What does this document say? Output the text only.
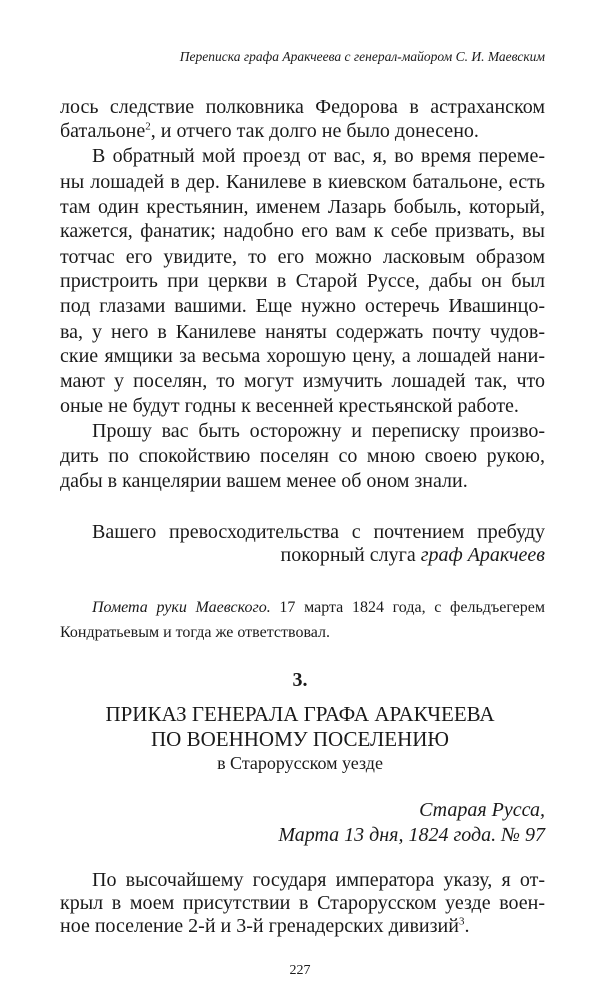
Переписка графа Аракчеева с генерал-майором С. И. Маевским
лось следствие полковника Федорова в астраханском
батальоне$^2$, и отчего так долго не было донесено.
В обратный мой проезд от вас, я, во время переме-
ны лошадей в дер. Канилеве в киевском батальоне, есть
там один крестьянин, именем Лазарь бобыль, который,
кажется, фанатик; надобно его вам к себе призвать, вы
тотчас его увидите, то его можно ласковым образом
пристроить при церкви в Старой Руссе, дабы он был
под глазами вашими. Еще нужно остеречь Ивашинцо-
ва, у него в Канилеве наняты содержать почту чудов-
ские ямщики за весьма хорошую цену, а лошадей нани-
мают у поселян, то могут измучить лошадей так, что
оные не будут годны к весенней крестьянской работе.
Прошу вас быть осторожну и переписку произво-
дить по спокойствию поселян со мною своею рукою,
дабы в канцелярии вашем менее об оном знали.
Вашего превосходительства с почтением пребуду
покорный слуга граф Аракчеев
Помета руки Маевского. 17 марта 1824 года, с фельдъегерем
Кондратьевым и тогда же ответствовал.
3.
ПРИКАЗ ГЕНЕРАЛА ГРАФА АРАКЧЕЕВА
ПО ВОЕННОМУ ПОСЕЛЕНИЮ
в Старорусском уезде
Старая Русса,
Марта 13 дня, 1824 года. № 97
По высочайшему государя императора указу, я от-
крыл в моем присутствии в Старорусском уезде воен-
ное поселение 2-й и 3-й гренадерских дивизий$^3$.
227
